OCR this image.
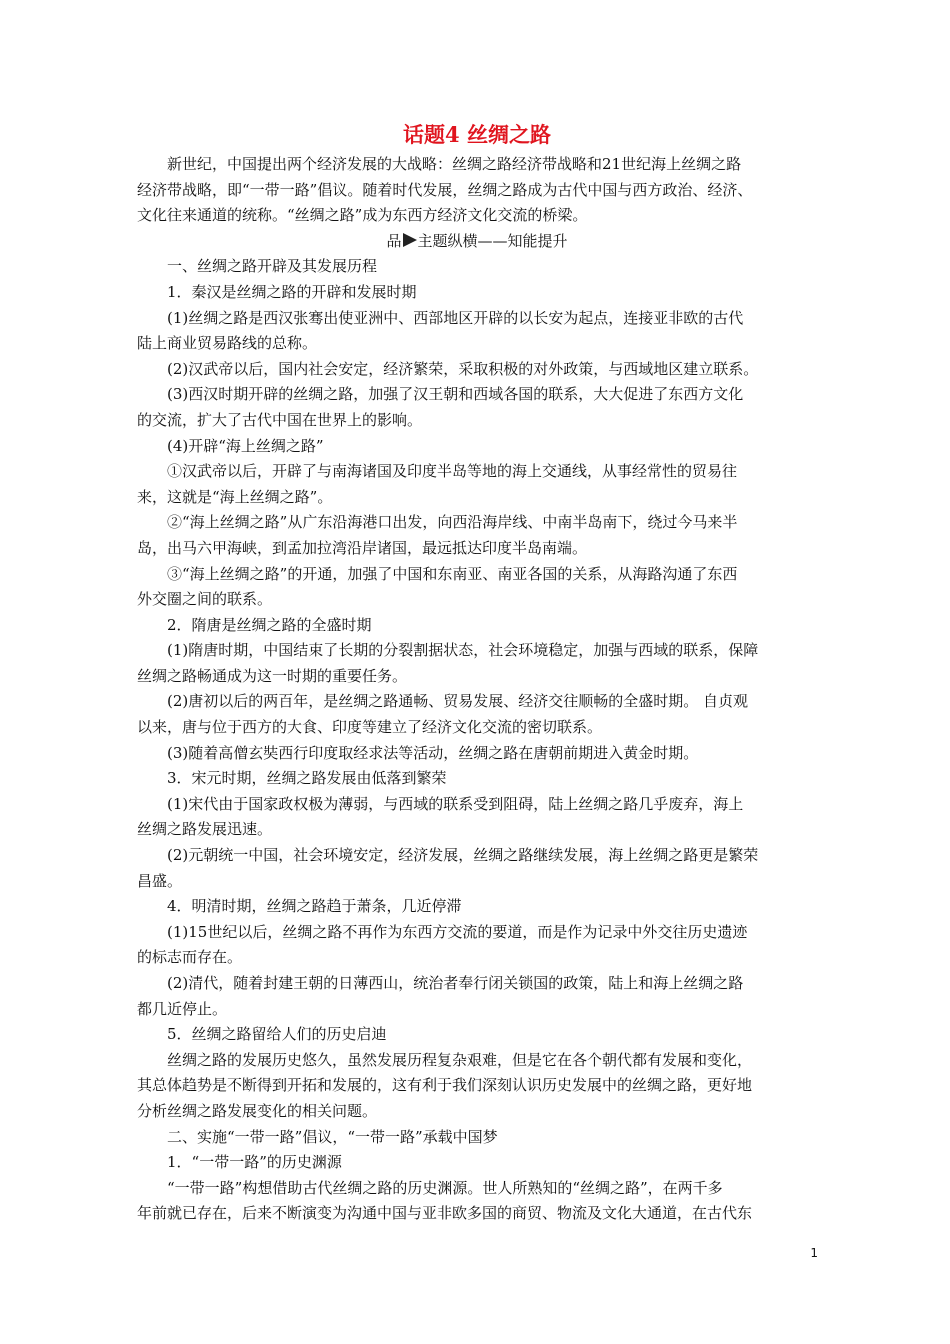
话题4 丝绸之路
新世纪，中国提出两个经济发展的大战略：丝绸之路经济带战略和21世纪海上丝绸之路
经济带战略，即“一带一路”倡议。随着时代发展，丝绸之路成为古代中国与西方政治、经济、
文化往来通道的统称。“丝绸之路”成为东西方经济文化交流的桥梁。
品 主题纵横——知能提升
一、丝绸之路开辟及其发展历程
1．秦汉是丝绸之路的开辟和发展时期
(1)丝绸之路是西汉张骞出使亚洲中、西部地区开辟的以长安为起点，连接亚非欧的古代
陆上商业贸易路线的总称。
(2)汉武帝以后，国内社会安定，经济繁荣，采取积极的对外政策，与西域地区建立联系。
(3)西汉时期开辟的丝绸之路，加强了汉王朝和西域各国的联系，大大促进了东西方文化
的交流，扩大了古代中国在世界上的影响。
(4)开辟“海上丝绸之路”
①汉武帝以后，开辟了与南海诸国及印度半岛等地的海上交通线，从事经常性的贸易往
来，这就是“海上丝绸之路”。
②“海上丝绸之路”从广东沿海港口出发，向西沿海岸线、中南半岛南下，绕过今马来半
岛，出马六甲海峡，到孟加拉湾沿岸诸国，最远抵达印度半岛南端。
③“海上丝绸之路”的开通，加强了中国和东南亚、南亚各国的关系，从海路沟通了东西
外交圈之间的联系。
2．隋唐是丝绸之路的全盛时期
(1)隋唐时期，中国结束了长期的分裂割据状态，社会环境稳定，加强与西域的联系，保障
丝绸之路畅通成为这一时期的重要任务。
(2)唐初以后的两百年，是丝绸之路通畅、贸易发展、经济交往顺畅的全盛时期。 自贞观
以来，唐与位于西方的大食、印度等建立了经济文化交流的密切联系。
(3)随着高僧玄奘西行印度取经求法等活动，丝绸之路在唐朝前期进入黄金时期。
3．宋元时期，丝绸之路发展由低落到繁荣
(1)宋代由于国家政权极为薄弱，与西域的联系受到阻碍，陆上丝绸之路几乎废弃，海上
丝绸之路发展迅速。
(2)元朝统一中国，社会环境安定，经济发展，丝绸之路继续发展，海上丝绸之路更是繁荣
昌盛。
4．明清时期，丝绸之路趋于萧条，几近停滞
(1)15世纪以后，丝绸之路不再作为东西方交流的要道，而是作为记录中外交往历史遗迹
的标志而存在。
(2)清代，随着封建王朝的日薄西山，统治者奉行闭关锁国的政策，陆上和海上丝绸之路
都几近停止。
5．丝绸之路留给人们的历史启迪
丝绸之路的发展历史悠久，虽然发展历程复杂艰难，但是它在各个朝代都有发展和变化，
其总体趋势是不断得到开拓和发展的，这有利于我们深刻认识历史发展中的丝绸之路，更好地
分析丝绸之路发展变化的相关问题。
二、实施“一带一路”倡议，“一带一路”承载中国梦
1．“一带一路”的历史渊源
“一带一路”构想借助古代丝绸之路的历史渊源。世人所熟知的“丝绸之路”，在两千多
年前就已存在，后来不断演变为沟通中国与亚非欧多国的商贸、物流及文化大通道，在古代东
1
